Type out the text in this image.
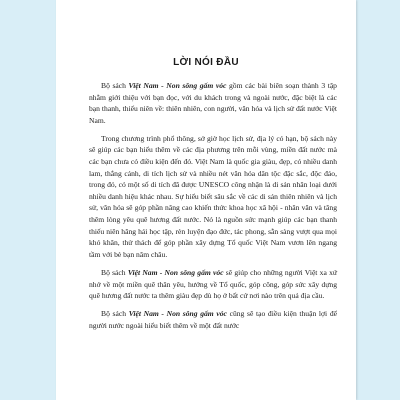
LỜI NÓI ĐẦU

Bộ sách Việt Nam - Non sông gấm vóc gồm các bài biên soạn thành 3 tập nhằm giới thiệu với bạn đọc, với du khách trong và ngoài nước, đặc biệt là các bạn thanh, thiếu niên về: thiên nhiên, con người, văn hóa và lịch sử đất nước Việt Nam.

Trong chương trình phổ thông, sở giờ học lịch sử, địa lý có hạn, bộ sách này sẽ giúp các bạn hiểu thêm về các địa phương trên mỗi vùng, miền đất nước mà các bạn chưa có điều kiện đến đó. Việt Nam là quốc gia giàu, đẹp, có nhiều danh lam, thắng cảnh, di tích lịch sử và nhiều nét văn hóa dân tộc đặc sắc, độc đáo, trong đó, có một số di tích đã được UNESCO công nhận là di sản nhân loại dưới nhiều danh hiệu khác nhau. Sự hiểu biết sâu sắc về các di sản thiên nhiên và lịch sử, văn hóa sẽ góp phần nâng cao khiến thức khoa học xã hội - nhân văn và tăng thêm lòng yêu quê hương đất nước. Nó là nguồn sức mạnh giúp các bạn thanh thiếu niên hăng hái học tập, rèn luyện đạo đức, tác phong, sẵn sàng vượt qua mọi khó khăn, thử thách để góp phần xây dựng Tổ quốc Việt Nam vươn lên ngang tầm với bè bạn năm châu.

Bộ sách Việt Nam - Non sông gấm vóc sẽ giúp cho những người Việt xa xứ nhớ về một miền quê thân yêu, hướng về Tổ quốc, góp công, góp sức xây dựng quê hương đất nước ta thêm giàu đẹp dù họ ở bất cứ nơi nào trên quả địa cầu.

Bộ sách Việt Nam - Non sông gấm vóc cũng sẽ tạo điều kiện thuận lợi để người nước ngoài hiểu biết thêm về một đất nước
